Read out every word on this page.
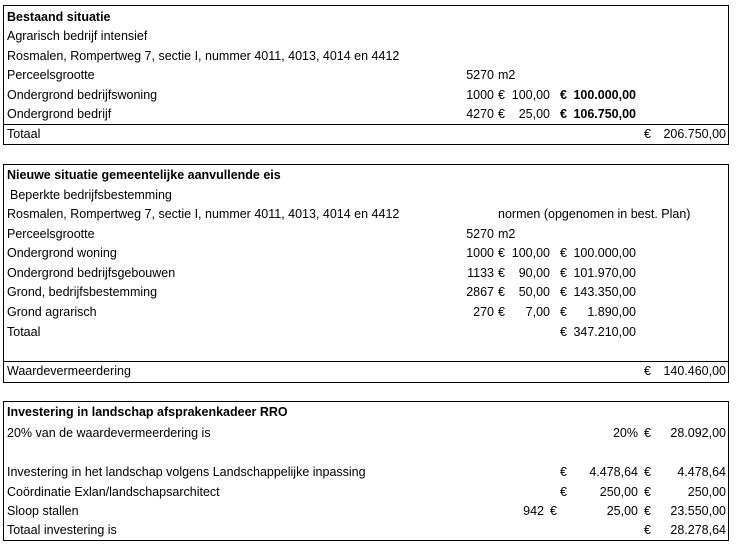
Bestaand situatie
Agrarisch bedrijf intensief
Rosmalen, Rompertweg 7, sectie I, nummer 4011, 4013, 4014 en 4412
Perceelsgrootte	5270 m2
Ondergrond bedrijfswoning	1000 € 100,00 € 100.000,00
Ondergrond bedrijf	4270 €	25,00 € 106.750,00
Totaal	€ 206.750,00
Nieuwe situatie gemeentelijke aanvullende eis
Beperkte bedrijfsbestemming
Rosmalen, Rompertweg 7, sectie I, nummer 4011, 4013, 4014 en 4412	normen (opgenomen in best. Plan)
Perceelsgrootte	5270 m2
Ondergrond woning	1000 € 100,00 € 100.000,00
Ondergrond bedrijfsgebouwen	1133 €	90,00 € 101.970,00
Grond, bedrijfsbestemming	2867 €	50,00 € 143.350,00
Grond agrarisch	270 €	7,00 €	1.890,00
Totaal	€ 347.210,00
Waardevermeerdering	€ 140.460,00
Investering in landschap afsprakenkadeer RRO
20% van de waardevermeerdering is	20% €	28.092,00
Investering in het landschap volgens Landschappelijke inpassing	€	4.478,64 €	4.478,64
Coördinatie Exlan/landschapsarchitect	€	250,00 €	250,00
Sloop stallen	942 €	25,00 €	23.550,00
Totaal investering is	€	28.278,64
